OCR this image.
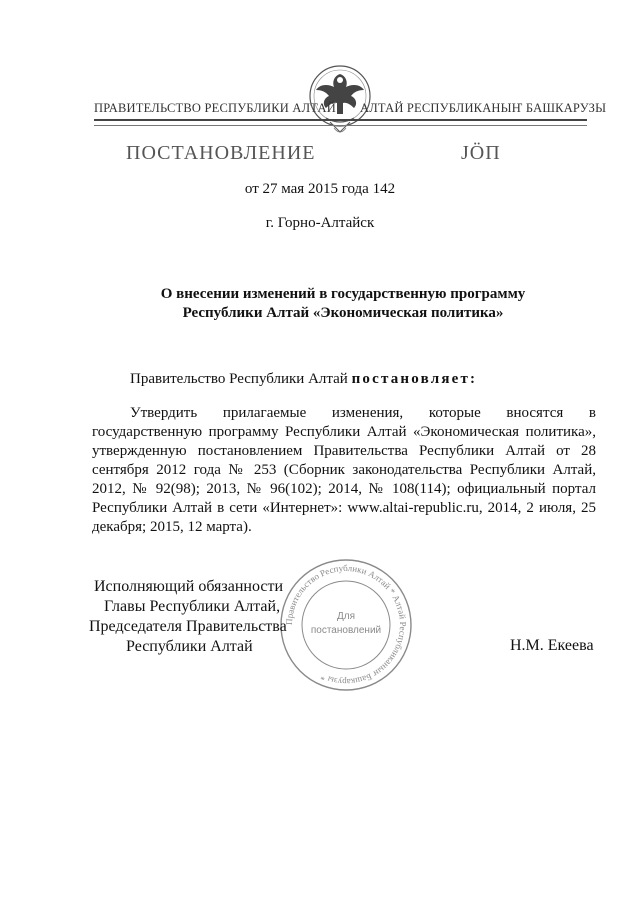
ПРАВИТЕЛЬСТВО РЕСПУБЛИКИ АЛТАЙ АЛТАЙ РЕСПУБЛИКАНЫҤ БАШКАРУЗЫ
ПОСТАНОВЛЕНИЕ	JÖП
от 27 мая 2015 года 142
г. Горно-Алтайск
О внесении изменений в государственную программу
Республики Алтай «Экономическая политика»
Правительство Республики Алтай постановляет:
Утвердить прилагаемые изменения, которые вносятся в государственную программу Республики Алтай «Экономическая политика», утвержденную постановлением Правительства Республики Алтай от 28 сентября 2012 года № 253 (Сборник законодательства Республики Алтай, 2012, № 92(98); 2013, № 96(102); 2014, № 108(114); официальный портал Республики Алтай в сети «Интернет»: www.altai-republic.ru, 2014, 2 июля, 25 декабря; 2015, 12 марта).
Правительство Республики Алтай * Алтай Республиканыҥ Башкарузы *
Для
постановлений
Исполняющий обязанности
Главы Республики Алтай,
Председателя Правительства
Республики Алтай	Н.М. Екеева
